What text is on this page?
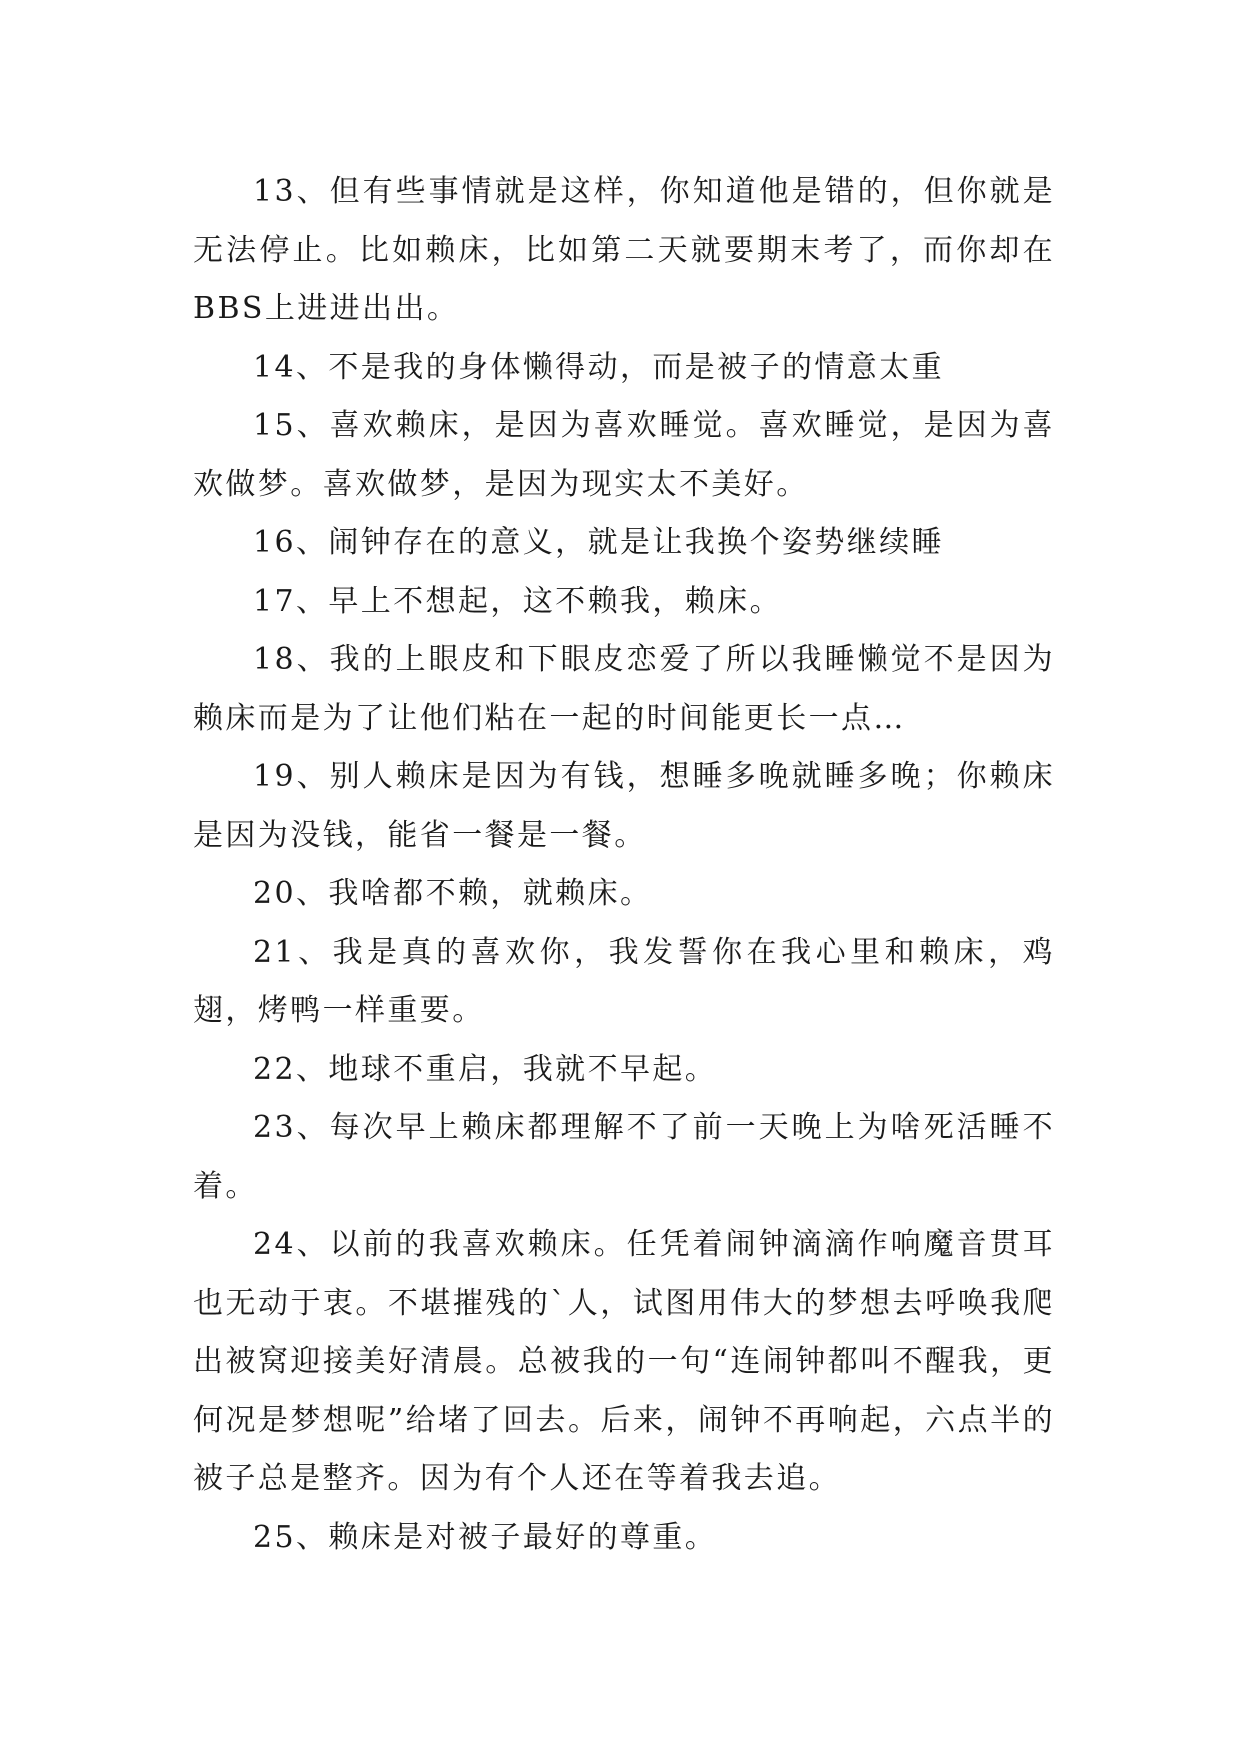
13、但有些事情就是这样，你知道他是错的，但你就是无法停止。比如赖床，比如第二天就要期末考了，而你却在BBS上进进出出。

14、不是我的身体懒得动，而是被子的情意太重

15、喜欢赖床，是因为喜欢睡觉。喜欢睡觉，是因为喜欢做梦。喜欢做梦，是因为现实太不美好。

16、闹钟存在的意义，就是让我换个姿势继续睡

17、早上不想起，这不赖我，赖床。

18、我的上眼皮和下眼皮恋爱了所以我睡懒觉不是因为赖床而是为了让他们粘在一起的时间能更长一点…

19、别人赖床是因为有钱，想睡多晚就睡多晚；你赖床是因为没钱，能省一餐是一餐。

20、我啥都不赖，就赖床。

21、我是真的喜欢你，我发誓你在我心里和赖床，鸡翅，烤鸭一样重要。

22、地球不重启，我就不早起。

23、每次早上赖床都理解不了前一天晚上为啥死活睡不着。

24、以前的我喜欢赖床。任凭着闹钟滴滴作响魔音贯耳也无动于衷。不堪摧残的`人，试图用伟大的梦想去呼唤我爬出被窝迎接美好清晨。总被我的一句“连闹钟都叫不醒我，更何况是梦想呢”给堵了回去。后来，闹钟不再响起，六点半的被子总是整齐。因为有个人还在等着我去追。

25、赖床是对被子最好的尊重。
